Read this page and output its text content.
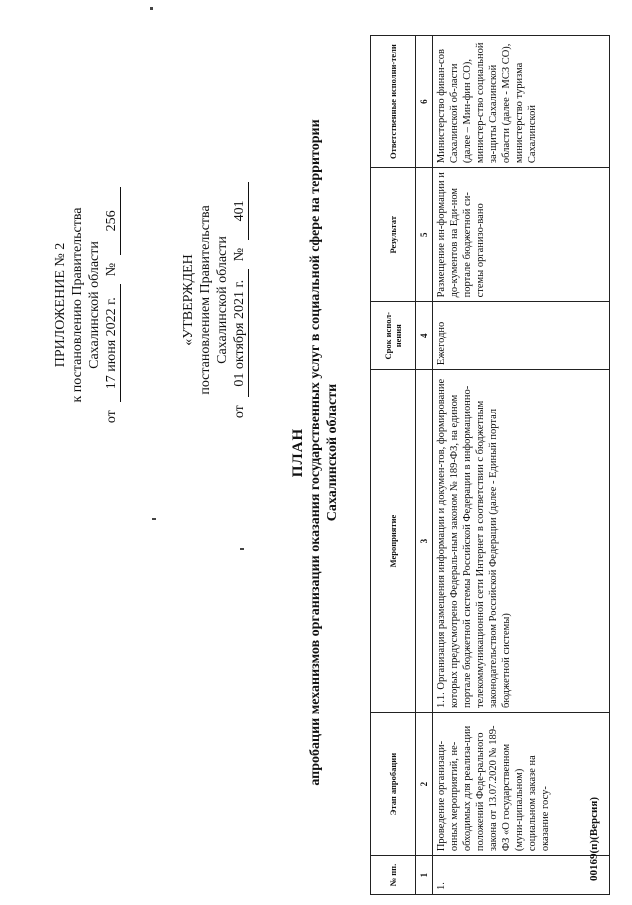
ПРИЛОЖЕНИЕ № 2 к постановлению Правительства Сахалинской области
от
17 июня 2022 г.
№
256
«УТВЕРЖДЕН постановлением Правительства Сахалинской области
от
01 октября 2021 г.
№
401
ПЛАН апробации механизмов организации оказания государственных услуг в социальной сфере на территории Сахалинской области
№ пп.	Этап апробации	Мероприятие	Срок испол-нения	Результат	Ответственные исполни-тели
1	2	3	4	5	6
1.	Проведение организаци-онных мероприятий, не-обходимых для реализа-ции положений Феде-рального закона от 13.07.2020 № 189-ФЗ «О государственном (муни-ципальном) социальном заказе на оказание госу-	1.1. Организация размещения информации и докумен-тов, формирование которых предусмотрено Федераль-ным законом № 189-ФЗ, на едином портале бюджетной системы Российской Федерации в информационно-телекоммуникационной сети Интернет в соответствии с бюджетным законодательством Российской Федерации (далее - Единый портал бюджетной системы)	Ежегодно	Размещение ин-формации и до-кументов на Еди-ном портале бюджетной си-стемы организо-вано	Министерство финан-сов Сахалинской об-ласти (далее – Мин-фин СО), министер-ство социальной за-щиты Сахалинской области (далее - МСЗ СО), министерство туризма Сахалинской
00169(п)(Версия)
